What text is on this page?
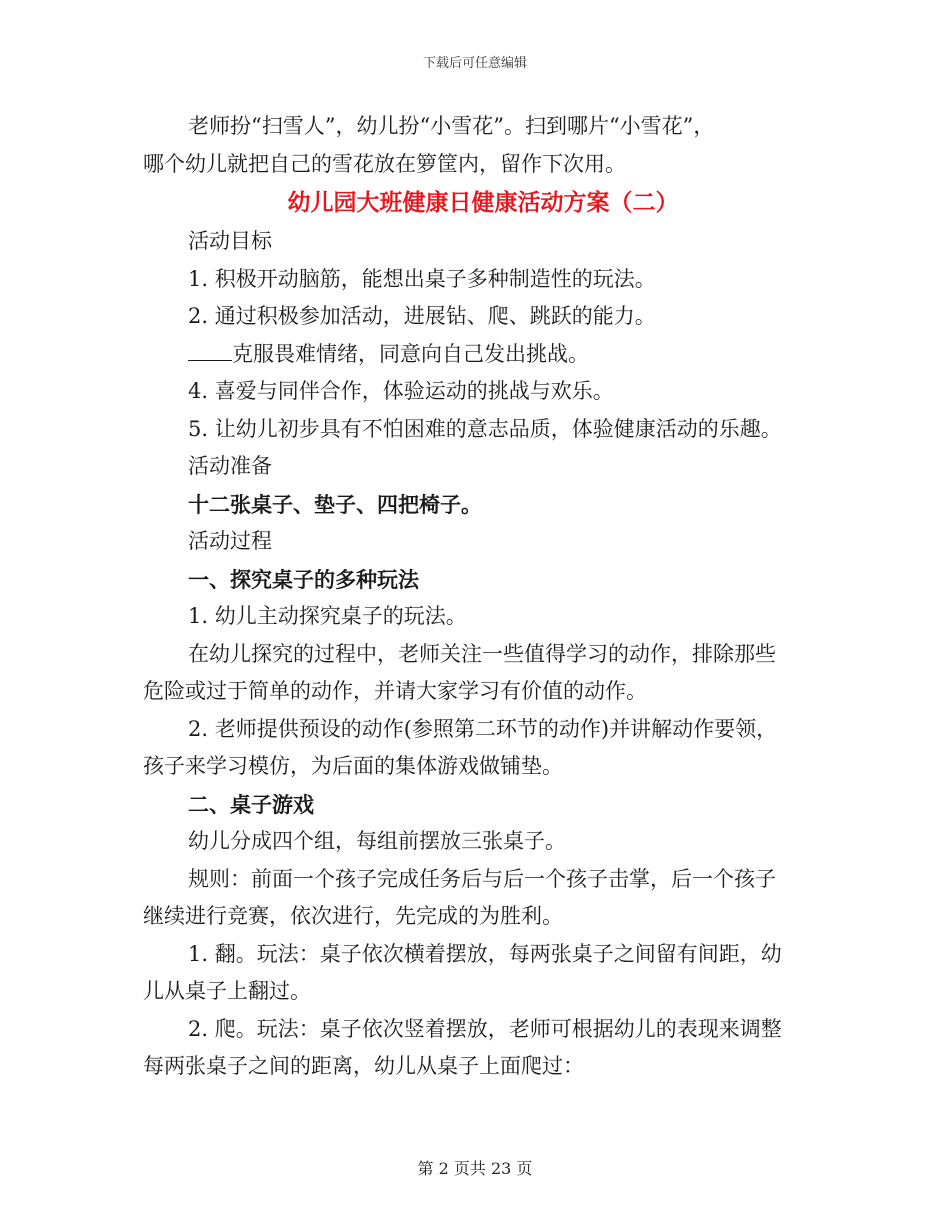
下载后可任意编辑

老师扮“扫雪人”，幼儿扮“小雪花”。扫到哪片“小雪花”，

哪个幼儿就把自己的雪花放在箩筐内，留作下次用。

幼儿园大班健康日健康活动方案（二）

活动目标

1. 积极开动脑筋，能想出桌子多种制造性的玩法。

2. 通过积极参加活动，进展钻、爬、跳跃的能力。

克服畏难情绪，同意向自己发出挑战。

4. 喜爱与同伴合作，体验运动的挑战与欢乐。

5. 让幼儿初步具有不怕困难的意志品质，体验健康活动的乐趣。

活动准备

十二张桌子、垫子、四把椅子。

活动过程

一、探究桌子的多种玩法

1. 幼儿主动探究桌子的玩法。

在幼儿探究的过程中，老师关注一些值得学习的动作，排除那些

危险或过于简单的动作，并请大家学习有价值的动作。

2. 老师提供预设的动作(参照第二环节的动作)并讲解动作要领，

孩子来学习模仿，为后面的集体游戏做铺垫。

二、桌子游戏

幼儿分成四个组，每组前摆放三张桌子。

规则：前面一个孩子完成任务后与后一个孩子击掌，后一个孩子

继续进行竞赛，依次进行，先完成的为胜利。

1. 翻。玩法：桌子依次横着摆放，每两张桌子之间留有间距，幼

儿从桌子上翻过。

2. 爬。玩法：桌子依次竖着摆放，老师可根据幼儿的表现来调整

每两张桌子之间的距离，幼儿从桌子上面爬过：

第 2 页共 23 页
